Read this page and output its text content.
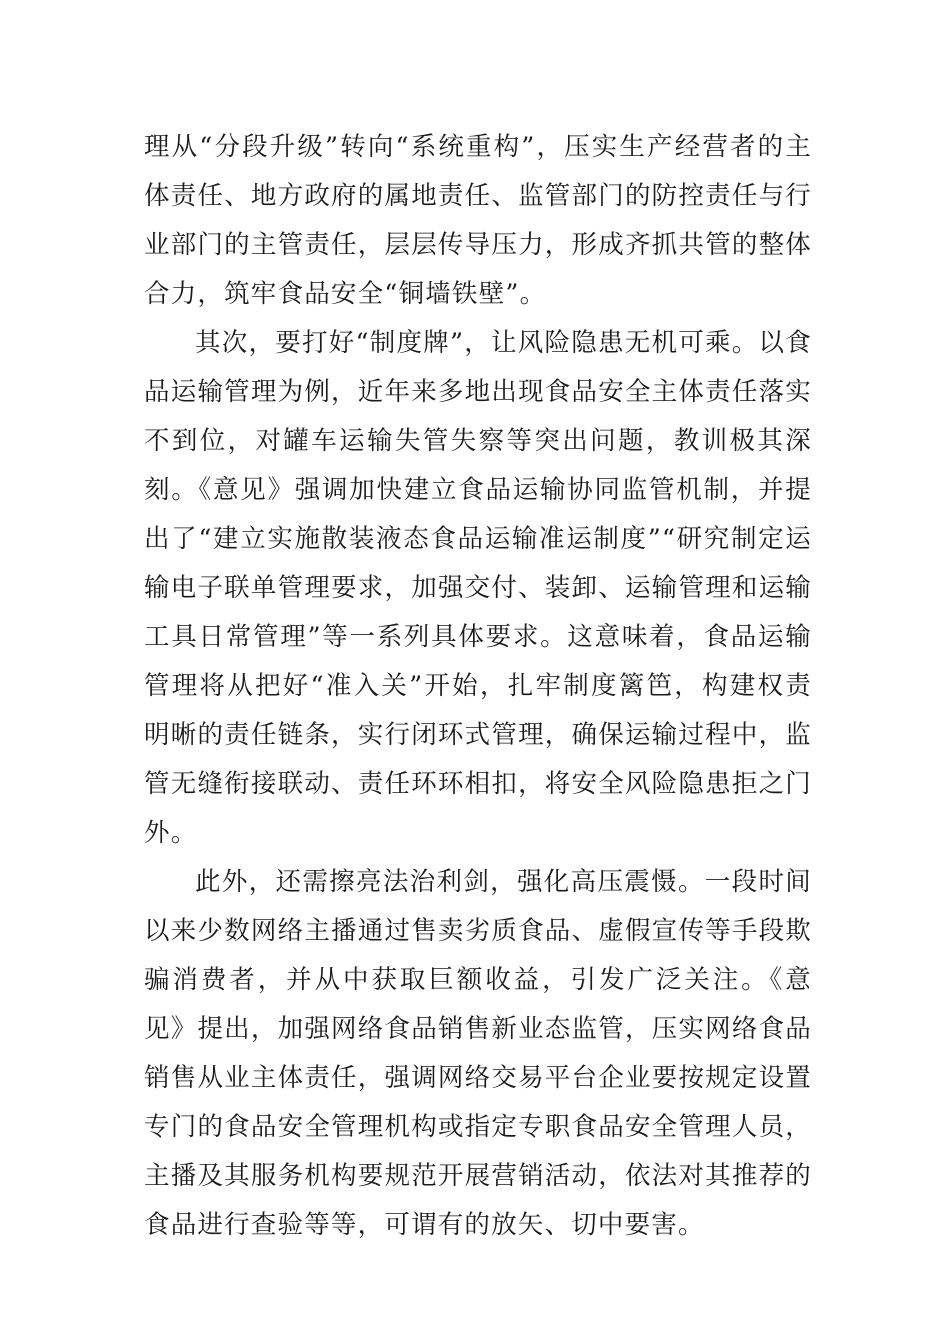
理从“分段升级”转向“系统重构”，压实生产经营者的主体责任、地方政府的属地责任、监管部门的防控责任与行业部门的主管责任，层层传导压力，形成齐抓共管的整体合力，筑牢食品安全“铜墙铁壁”。

其次，要打好“制度牌”，让风险隐患无机可乘。以食品运输管理为例，近年来多地出现食品安全主体责任落实不到位，对罐车运输失管失察等突出问题，教训极其深刻。《意见》强调加快建立食品运输协同监管机制，并提出了“建立实施散装液态食品运输准运制度”“研究制定运输电子联单管理要求，加强交付、装卸、运输管理和运输工具日常管理”等一系列具体要求。这意味着，食品运输管理将从把好“准入关”开始，扎牢制度篱笆，构建权责明晰的责任链条，实行闭环式管理，确保运输过程中，监管无缝衔接联动、责任环环相扣，将安全风险隐患拒之门外。

此外，还需擦亮法治利剑，强化高压震慑。一段时间以来少数网络主播通过售卖劣质食品、虚假宣传等手段欺骗消费者，并从中获取巨额收益，引发广泛关注。《意见》提出，加强网络食品销售新业态监管，压实网络食品销售从业主体责任，强调网络交易平台企业要按规定设置专门的食品安全管理机构或指定专职食品安全管理人员，主播及其服务机构要规范开展营销活动，依法对其推荐的食品进行查验等等，可谓有的放矢、切中要害。
